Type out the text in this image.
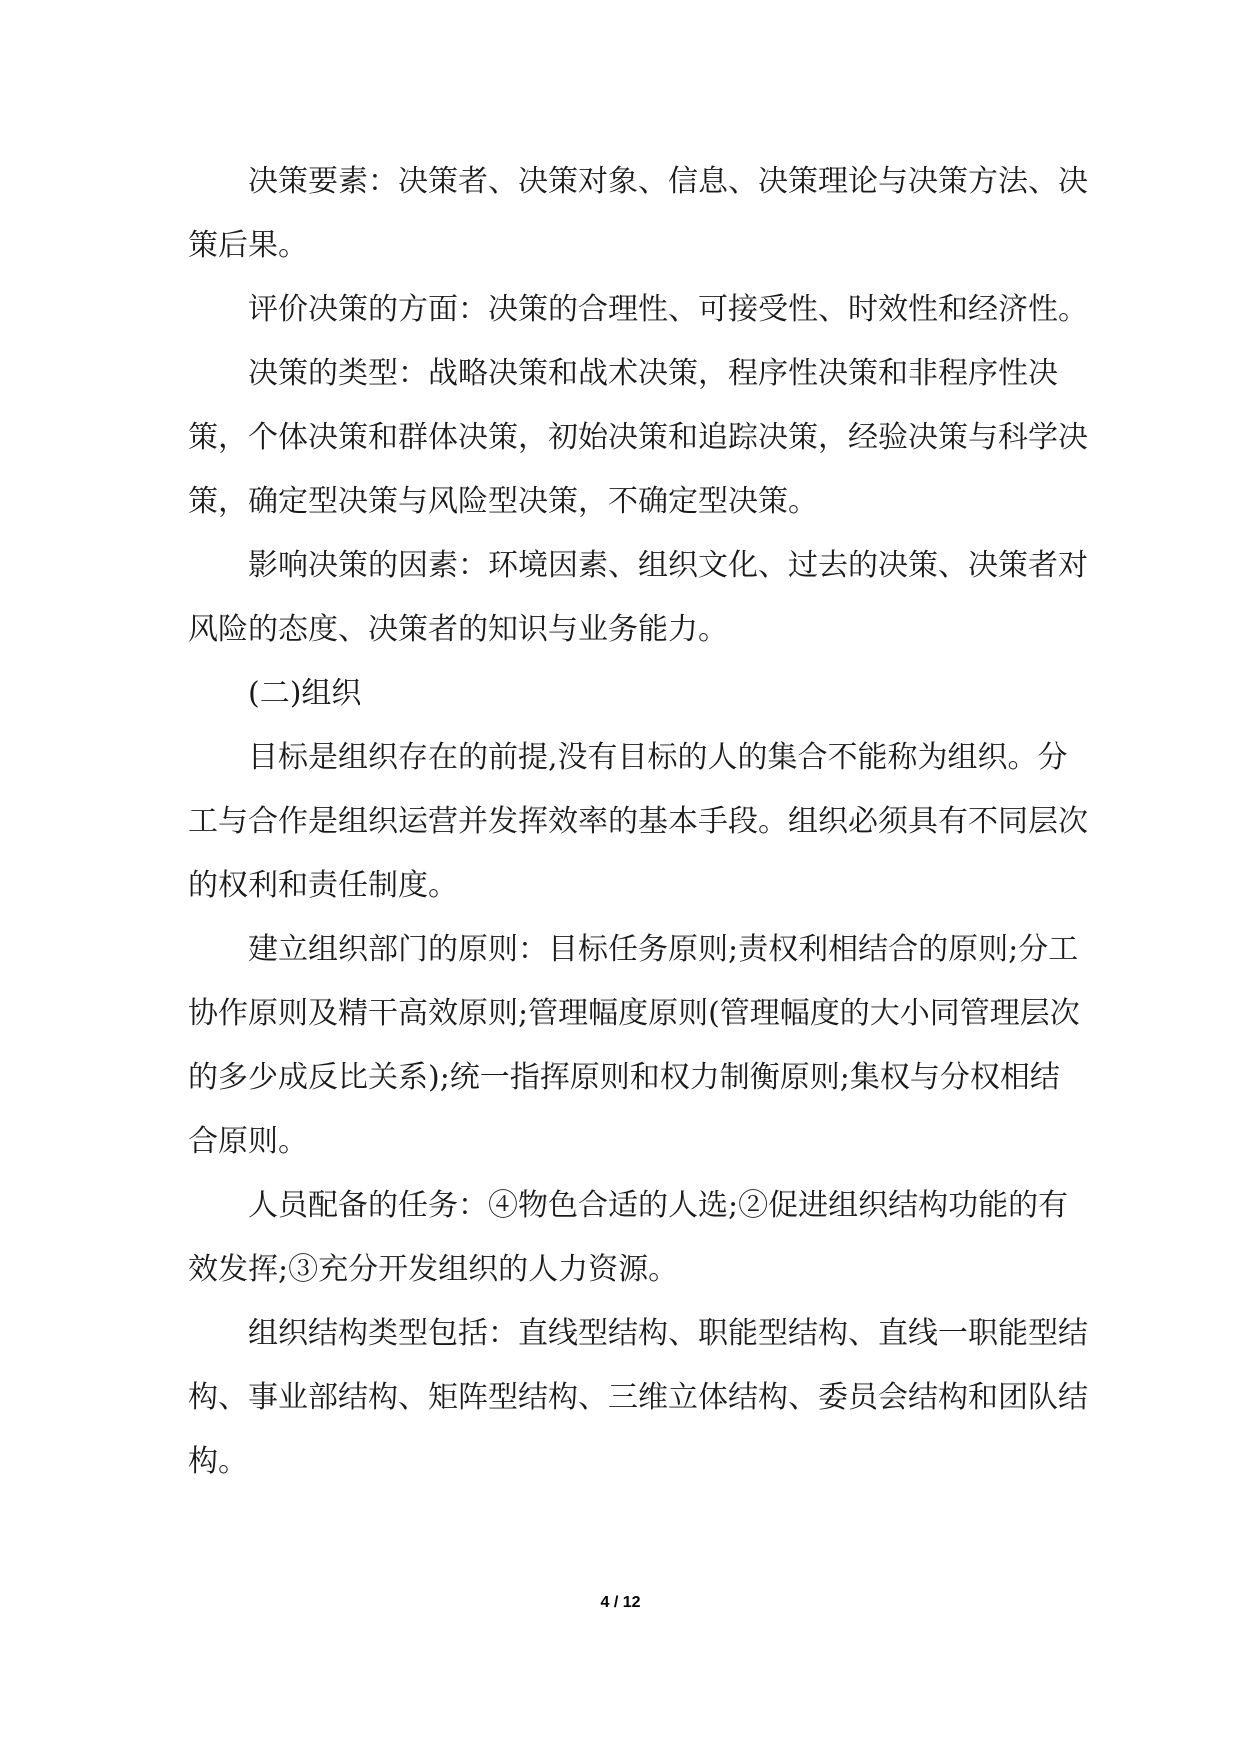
决策要素：决策者、决策对象、信息、决策理论与决策方法、决策后果。

评价决策的方面：决策的合理性、可接受性、时效性和经济性。

决策的类型：战略决策和战术决策，程序性决策和非程序性决策，个体决策和群体决策，初始决策和追踪决策，经验决策与科学决策，确定型决策与风险型决策，不确定型决策。

影响决策的因素：环境因素、组织文化、过去的决策、决策者对风险的态度、决策者的知识与业务能力。

(二)组织

目标是组织存在的前提,没有目标的人的集合不能称为组织。分工与合作是组织运营并发挥效率的基本手段。组织必须具有不同层次的权利和责任制度。

建立组织部门的原则：目标任务原则;责权利相结合的原则;分工协作原则及精干高效原则;管理幅度原则(管理幅度的大小同管理层次的多少成反比关系);统一指挥原则和权力制衡原则;集权与分权相结合原则。

人员配备的任务：④物色合适的人选;②促进组织结构功能的有效发挥;③充分开发组织的人力资源。

组织结构类型包括：直线型结构、职能型结构、直线一职能型结构、事业部结构、矩阵型结构、三维立体结构、委员会结构和团队结构。

4 / 12
